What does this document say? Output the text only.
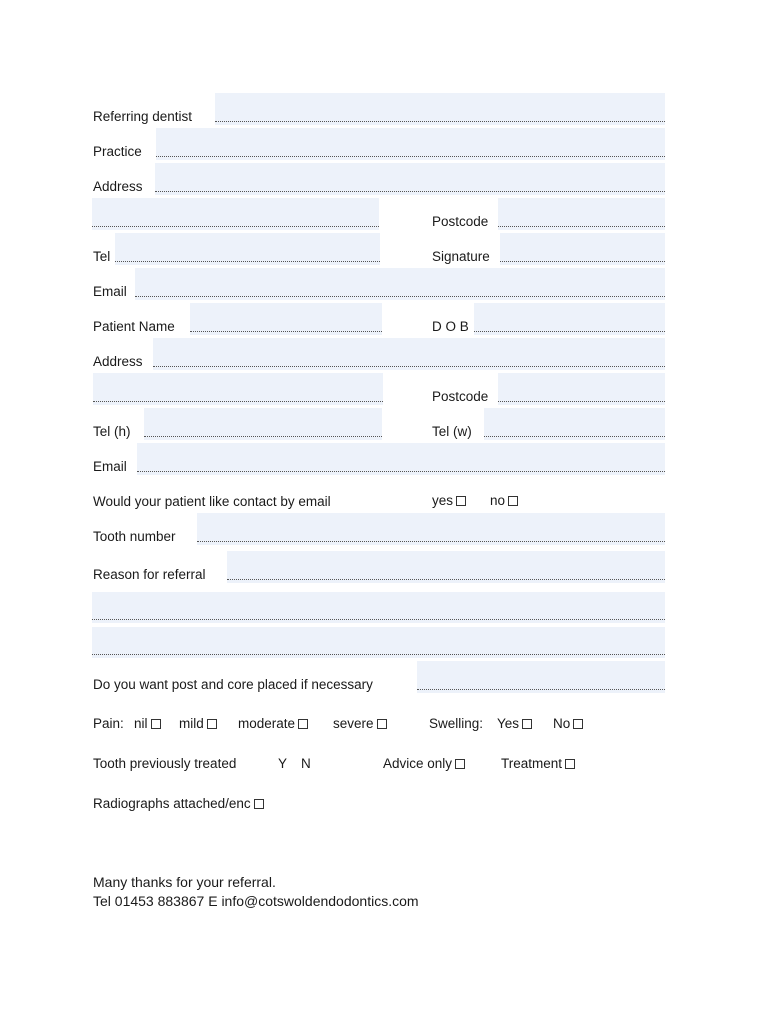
Referring dentist
Practice
Address
Postcode
Tel	Signature
Email
Patient Name	D O B
Address
Postcode
Tel (h)	Tel (w)
Email
Would your patient like contact by email	yes	no
Tooth number
Reason for referral
Do you want post and core placed if necessary
Pain: nil	mild	moderate	severe	Swelling: Yes	No
Tooth previously treated	Y N	Advice only	Treatment
Radiographs attached/enc
Many thanks for your referral.
Tel 01453 883867 E info@cotswoldendodontics.com
